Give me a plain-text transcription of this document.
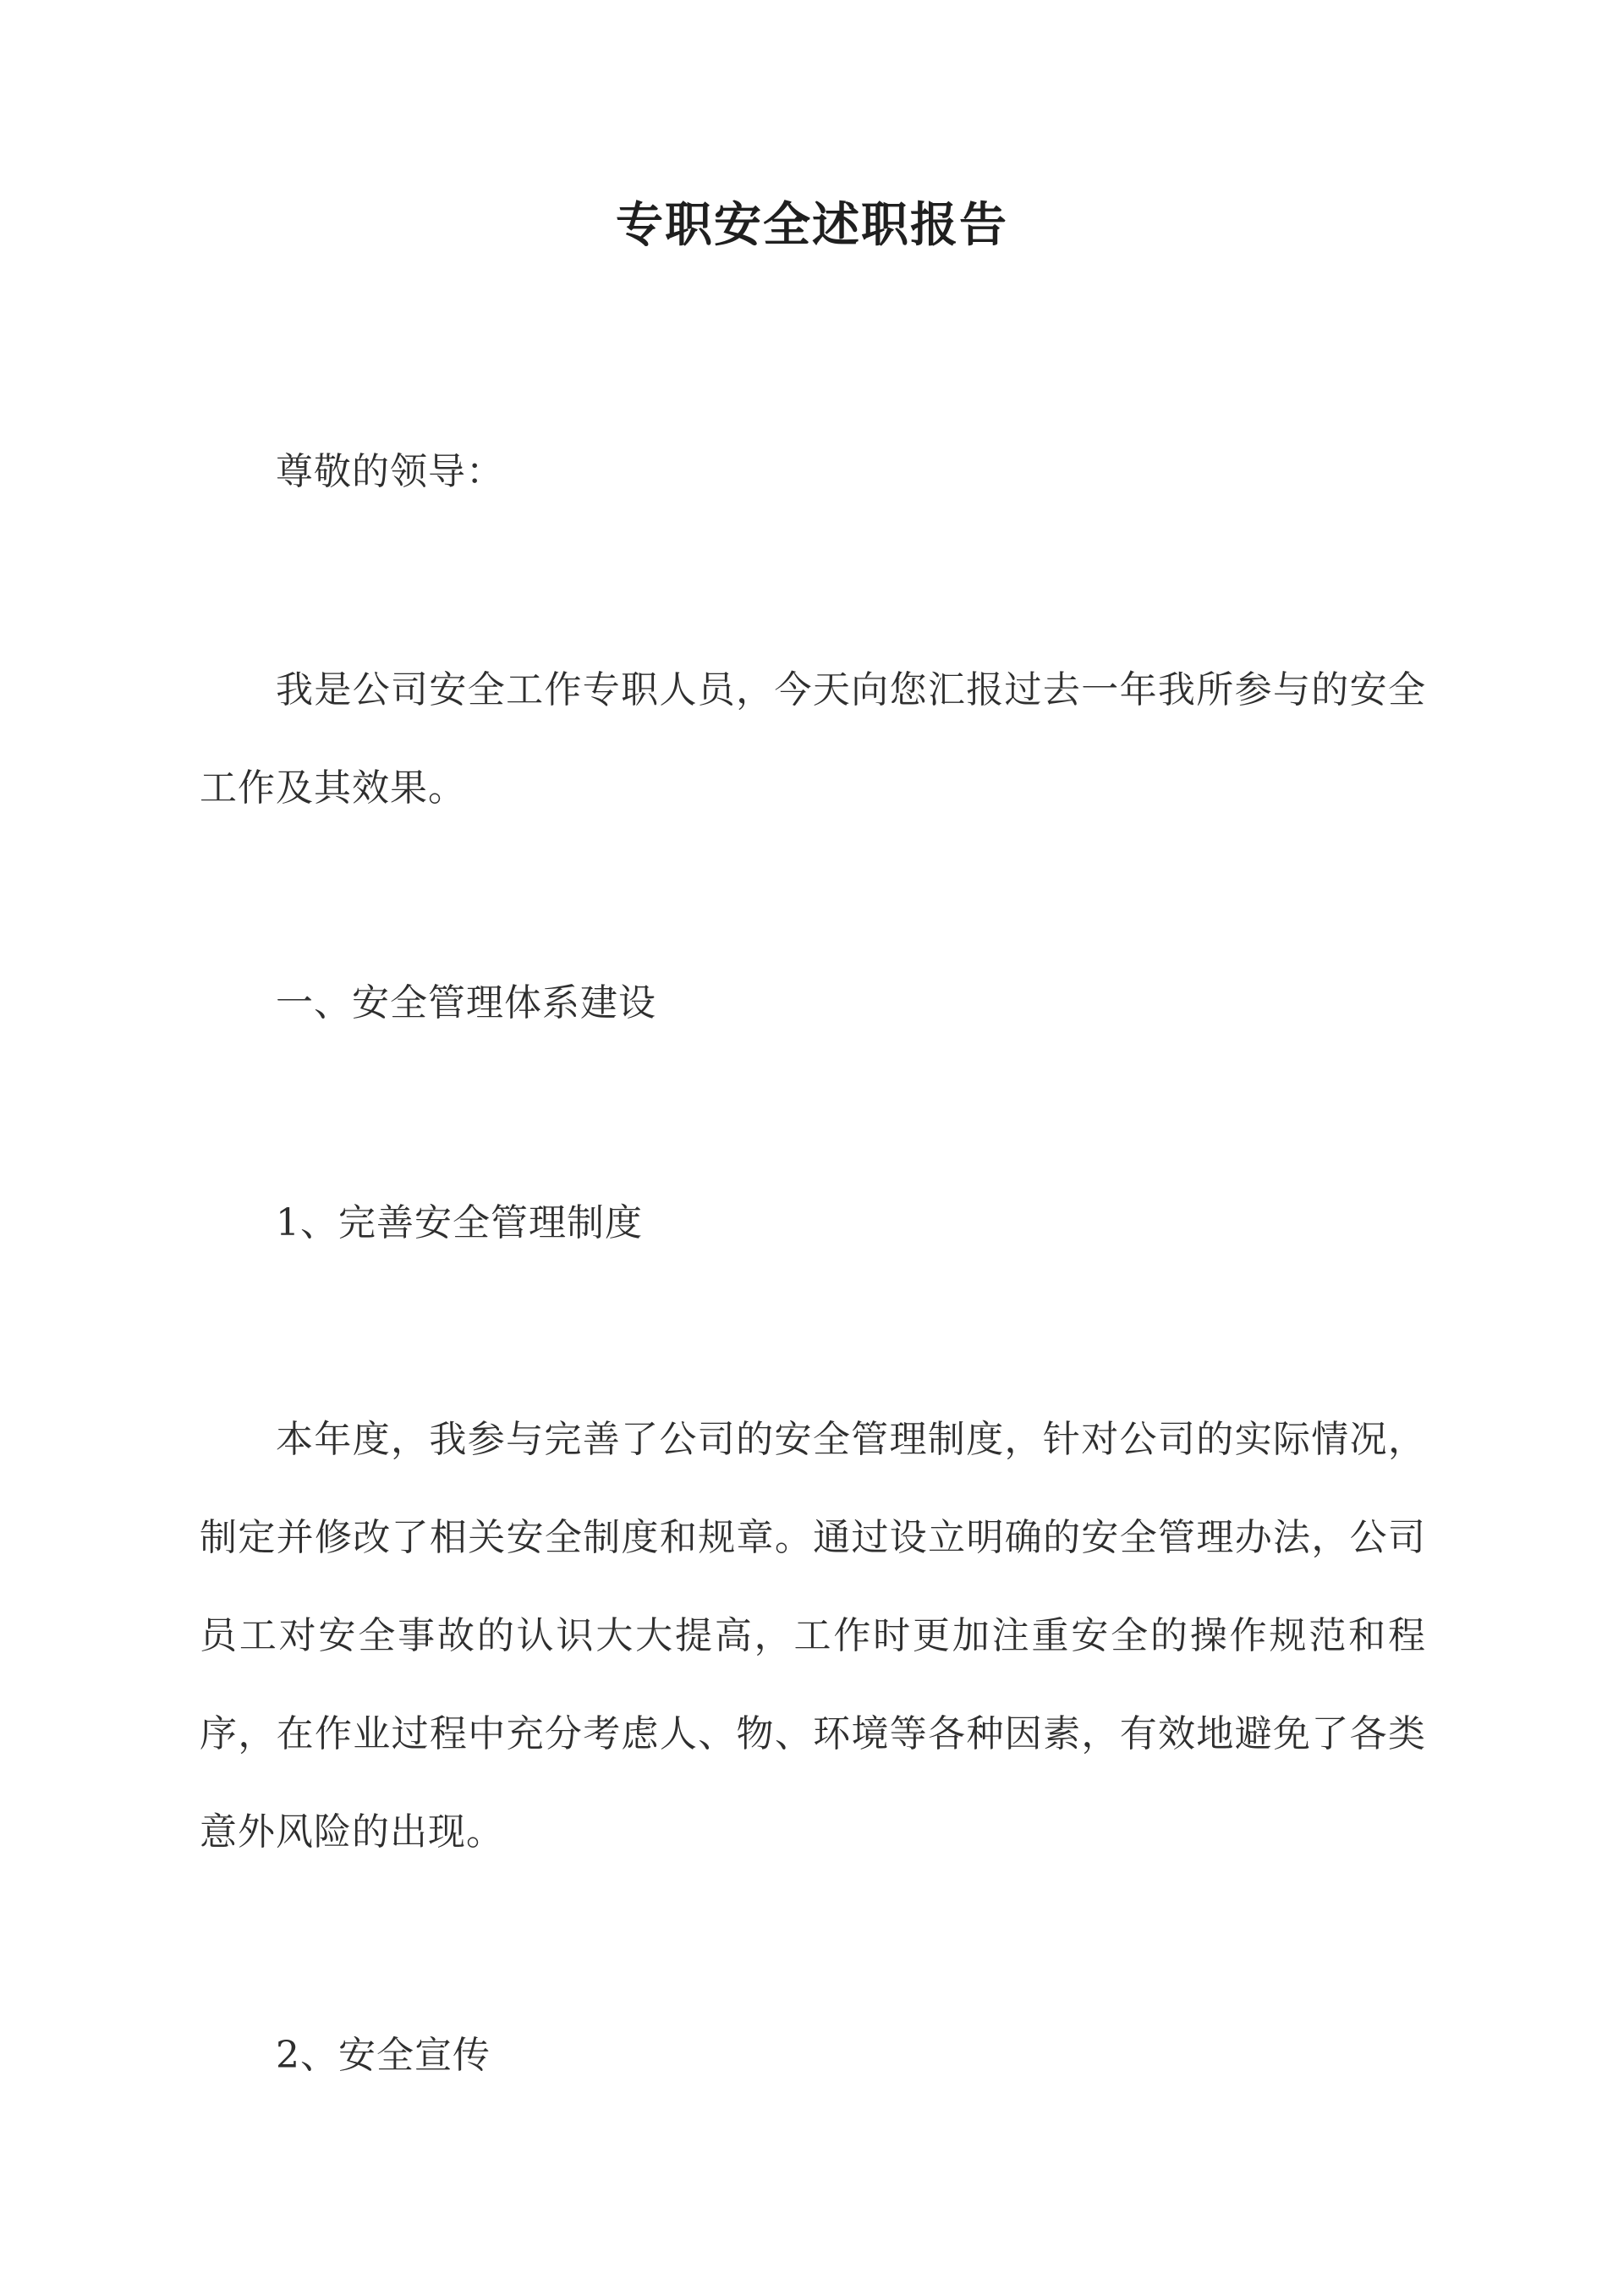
专职安全述职报告
尊敬的领导：
我是公司安全工作专职人员，今天向您汇报过去一年我所参与的安全工作及其效果。
一、安全管理体系建设
1、完善安全管理制度
本年度，我参与完善了公司的安全管理制度，针对公司的实际情况，制定并修改了相关安全制度和规章。通过设立明确的安全管理办法，公司员工对安全事故的认识大大提高，工作时更加注重安全的操作规范和程序，在作业过程中充分考虑人、物、环境等各种因素，有效地避免了各类意外风险的出现。
2、安全宣传
